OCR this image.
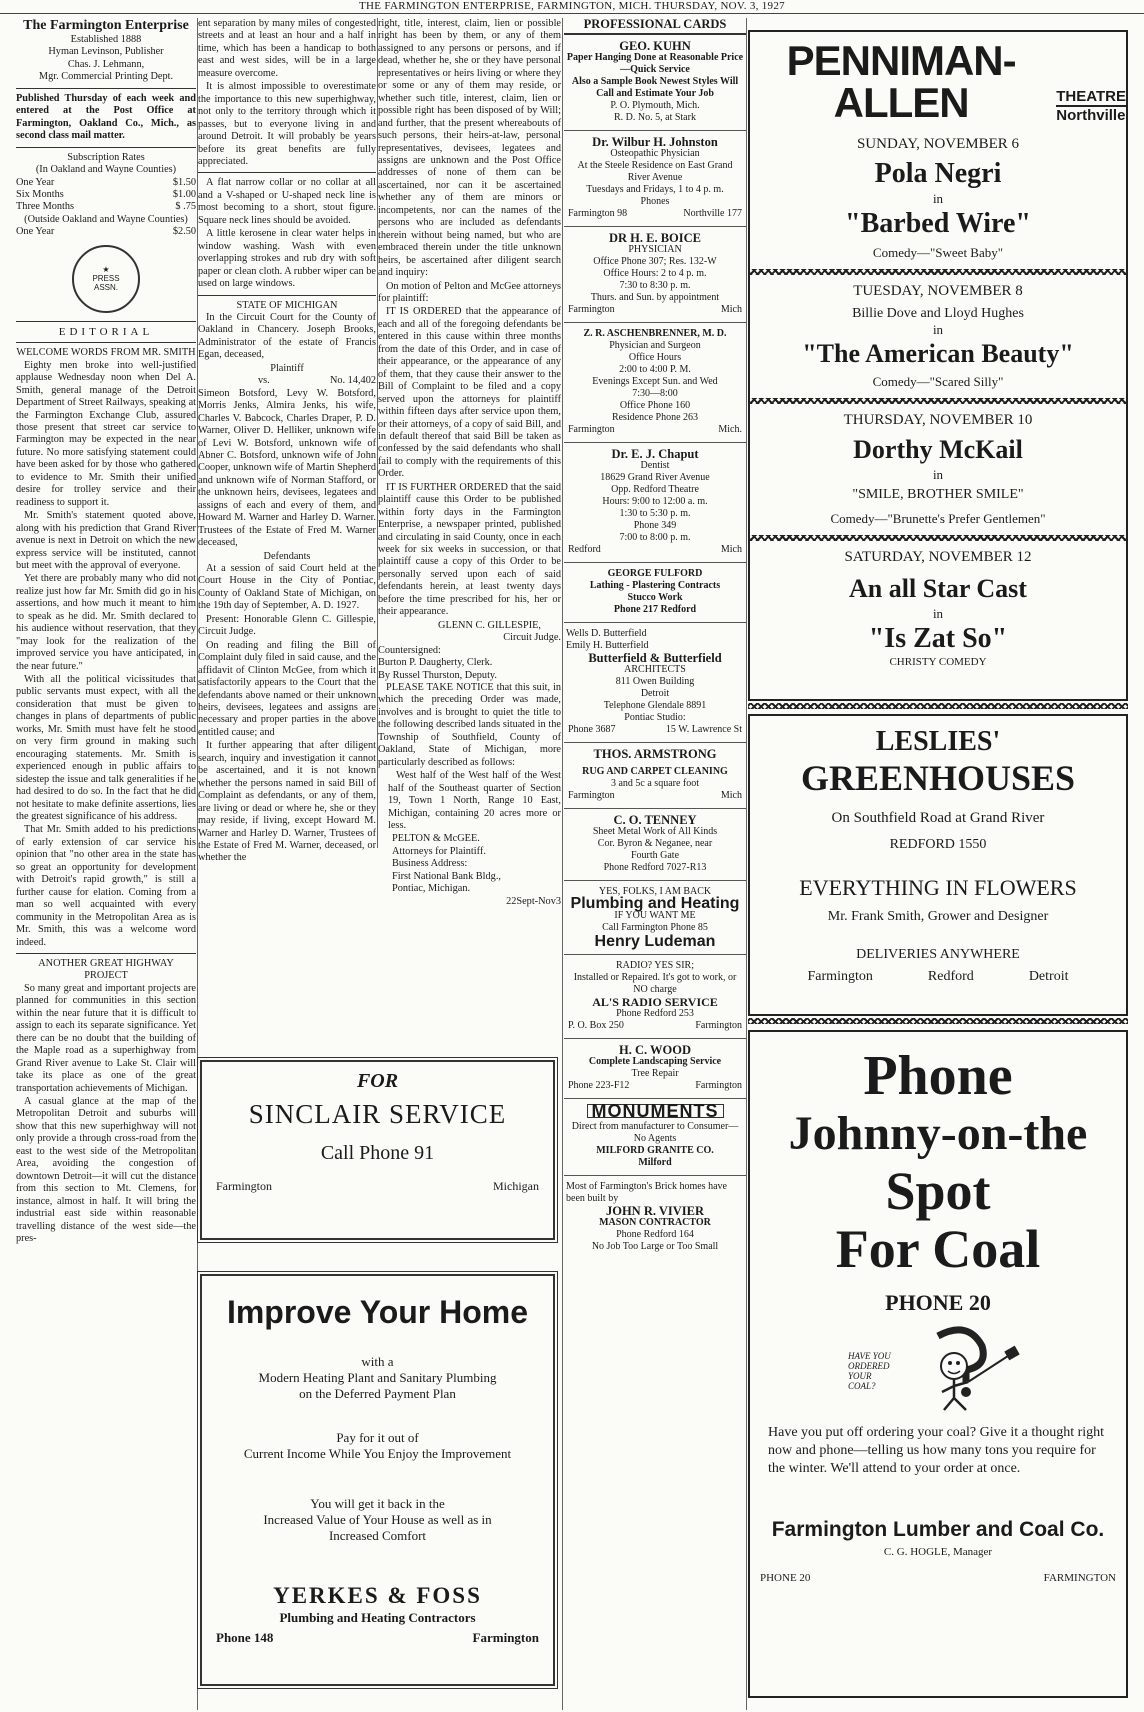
THE FARMINGTON ENTERPRISE, FARMINGTON, MICH. THURSDAY, NOV. 3, 1927
The Farmington Enterprise
Established 1888
Hyman Levinson, Publisher
Chas. J. Lehmann,
Mgr. Commercial Printing Dept.

Published Thursday of each week and entered at the Post Office at Farmington, Oakland Co., Mich., as second class mail matter.

Subscription Rates
(In Oakland and Wayne Counties)
One Year	$1.50
Six Months	$1.00
Three Months	$ .75
(Outside Oakland and Wayne Counties)
One Year	$2.50
★
PRESS
ASSN.
EDITORIAL
WELCOME WORDS FROM MR. SMITH

Eighty men broke into well-justified applause Wednesday noon when Del A. Smith, general manage of the Detroit Department of Street Railways, speaking at the Farmington Exchange Club, assured those present that street car service to Farmington may be expected in the near future. No more satisfying statement could have been asked for by those who gathered to evidence to Mr. Smith their unified desire for trolley service and their readiness to support it.

Mr. Smith's statement quoted above, along with his prediction that Grand River avenue is next in Detroit on which the new express service will be instituted, cannot but meet with the approval of everyone.

Yet there are probably many who did not realize just how far Mr. Smith did go in his assertions, and how much it meant to him to speak as he did. Mr. Smith declared to his audience without reservation, that they "may look for the realization of the improved service you have anticipated, in the near future."

With all the political vicissitudes that public servants must expect, with all the consideration that must be given to changes in plans of departments of public works, Mr. Smith must have felt he stood on very firm ground in making such encouraging statements. Mr. Smith is experienced enough in public affairs to sidestep the issue and talk generalities if he had desired to do so. In the fact that he did not hesitate to make definite assertions, lies the greatest significance of his address.

That Mr. Smith added to his predictions of early extension of car service his opinion that "no other area in the state has so great an opportunity for development with Detroit's rapid growth," is still a further cause for elation. Coming from a man so well acquainted with every community in the Metropolitan Area as is Mr. Smith, this was a welcome word indeed.

ANOTHER GREAT HIGHWAY PROJECT

So many great and important projects are planned for communities in this section within the near future that it is difficult to assign to each its separate significance. Yet there can be no doubt that the building of the Maple road as a superhighway from Grand River avenue to Lake St. Clair will take its place as one of the great transportation achievements of Michigan.

A casual glance at the map of the Metropolitan Detroit and suburbs will show that this new superhighway will not only provide a through cross-road from the east to the west side of the Metropolitan Area, avoiding the congestion of downtown Detroit—it will cut the distance from this section to Mt. Clemens, for instance, almost in half. It will bring the industrial east side within reasonable travelling distance of the west side—the pres-

ent separation by many miles of congested streets and at least an hour and a half in time, which has been a handicap to both east and west sides, will be in a large measure overcome.

It is almost impossible to overestimate the importance to this new superhighway, not only to the territory through which it passes, but to everyone living in and around Detroit. It will probably be years before its great benefits are fully appreciated.

A flat narrow collar or no collar at all and a V-shaped or U-shaped neck line is most becoming to a short, stout figure. Square neck lines should be avoided.

A little kerosene in clear water helps in window washing. Wash with even overlapping strokes and rub dry with soft paper or clean cloth. A rubber wiper can be used on large windows.

STATE OF MICHIGAN

In the Circuit Court for the County of Oakland in Chancery. Joseph Brooks, Administrator of the estate of Francis Egan, deceased,

Plaintiff
vs.	No. 14,402

Simeon Botsford, Levy W. Botsford, Morris Jenks, Almira Jenks, his wife, Charles V. Babcock, Charles Draper, P. D. Warner, Oliver D. Helliker, unknown wife of Levi W. Botsford, unknown wife of Abner C. Botsford, unknown wife of John Cooper, unknown wife of Martin Shepherd and unknown wife of Norman Stafford, or the unknown heirs, devisees, legatees and assigns of each and every of them, and Howard M. Warner and Harley D. Warner. Trustees of the Estate of Fred M. Warner deceased,

Defendants

At a session of said Court held at the Court House in the City of Pontiac, County of Oakland State of Michigan, on the 19th day of September, A. D. 1927.

Present: Honorable Glenn C. Gillespie, Circuit Judge.

On reading and filing the Bill of Complaint duly filed in said cause, and the affidavit of Clinton McGee, from which it satisfactorily appears to the Court that the defendants above named or their unknown heirs, devisees, legatees and assigns are necessary and proper parties in the above entitled cause; and

It further appearing that after diligent search, inquiry and investigation it cannot be ascertained, and it is not known whether the persons named in said Bill of Complaint as defendants, or any of them, are living or dead or where he, she or they may reside, if living, except Howard M. Warner and Harley D. Warner, Trustees of the Estate of Fred M. Warner, deceased, or whether the

right, title, interest, claim, lien or possible right has been by them, or any of them assigned to any persons or persons, and if dead, whether he, she or they have personal representatives or heirs living or where they or some or any of them may reside, or whether such title, interest, claim, lien or possible right has been disposed of by Will; and further, that the present whereabouts of such persons, their heirs-at-law, personal representatives, devisees, legatees and assigns are unknown and the Post Office addresses of none of them can be ascertained, nor can it be ascertained whether any of them are minors or incompetents, nor can the names of the persons who are included as defendants therein without being named, but who are embraced therein under the title unknown heirs, be ascertained after diligent search and inquiry:

On motion of Pelton and McGee attorneys for plaintiff:

IT IS ORDERED that the appearance of each and all of the foregoing defendants be entered in this cause within three months from the date of this Order, and in case of their appearance, or the appearance of any of them, that they cause their answer to the Bill of Complaint to be filed and a copy served upon the attorneys for plaintiff within fifteen days after service upon them, or their attorneys, of a copy of said Bill, and in default thereof that said Bill be taken as confessed by the said defendants who shall fail to comply with the requirements of this Order.

IT IS FURTHER ORDERED that the said plaintiff cause this Order to be published within forty days in the Farmington Enterprise, a newspaper printed, published and circulating in said County, once in each week for six weeks in succession, or that plaintiff cause a copy of this Order to be personally served upon each of said defendants herein, at least twenty days before the time prescribed for his, her or their appearance.

GLENN C. GILLESPIE,
Circuit Judge.
Countersigned:
Burton P. Daugherty, Clerk.
By Russel Thurston, Deputy.

PLEASE TAKE NOTICE that this suit, in which the preceding Order was made, involves and is brought to quiet the title to the following described lands situated in the Township of Southfield, County of Oakland, State of Michigan, more particularly described as follows:

West half of the West half of the West half of the Southeast quarter of Section 19, Town 1 North, Range 10 East, Michigan, containing 20 acres more or less.

PELTON & McGEE.
Attorneys for Plaintiff.
Business Address:
First National Bank Bldg.,
Pontiac, Michigan.
22Sept-Nov3
FOR
SINCLAIR SERVICE
Call Phone 91
Farmington	Michigan
Improve Your Home
with a
Modern Heating Plant and Sanitary Plumbing
on the Deferred Payment Plan
Pay for it out of
Current Income While You Enjoy the Improvement
You will get it back in the
Increased Value of Your House as well as in
Increased Comfort
YERKES & FOSS
Plumbing and Heating Contractors
Phone 148	Farmington
PROFESSIONAL CARDS
GEO. KUHN
Paper Hanging Done at Reasonable Price—Quick Service
Also a Sample Book Newest Styles Will Call and Estimate Your Job
P. O. Plymouth, Mich.
R. D. No. 5, at Stark
Dr. Wilbur H. Johnston
Osteopathic Physician
At the Steele Residence on East Grand River Avenue
Tuesdays and Fridays, 1 to 4 p. m.
Phones
Farmington 98	Northville 177
DR H. E. BOICE
PHYSICIAN
Office Phone 307; Res. 132-W
Office Hours: 2 to 4 p. m.
7:30 to 8:30 p. m.
Thurs. and Sun. by appointment
Farmington	Mich
Z. R. ASCHENBRENNER, M. D.
Physician and Surgeon
Office Hours
2:00 to 4:00 P. M.
Evenings Except Sun. and Wed
7:30—8:00
Office Phone 160
Residence Phone 263
Farmington	Mich.
Dr. E. J. Chaput
Dentist
18629 Grand River Avenue
Opp. Redford Theatre
Hours: 9:00 to 12:00 a. m.
1:30 to 5:30 p. m.
Phone 349
7:00 to 8:00 p. m.
Redford	Mich
GEORGE FULFORD
Lathing - Plastering Contracts
Stucco Work
Phone 217 Redford
Wells D. Butterfield
Emily H. Butterfield
Butterfield & Butterfield
ARCHITECTS
811 Owen Building
Detroit
Telephone Glendale 8891
Pontiac Studio:
Phone 3687	15 W. Lawrence St
THOS. ARMSTRONG
RUG AND CARPET CLEANING
3 and 5c a square foot
Farmington	Mich
C. O. TENNEY
Sheet Metal Work of All Kinds
Cor. Byron & Neganee, near
Fourth Gate
Phone Redford 7027-R13
YES, FOLKS, I AM BACK
Plumbing and Heating
IF YOU WANT ME
Call Farmington Phone 85
Henry Ludeman
RADIO? YES SIR;
Installed or Repaired. It's got to work, or NO charge
AL'S RADIO SERVICE
Phone Redford 253
P. O. Box 250	Farmington
H. C. WOOD
Complete Landscaping Service
Tree Repair
Phone 223-F12	Farmington
MONUMENTS
Direct from manufacturer to Consumer—No Agents
MILFORD GRANITE CO.
Milford
Most of Farmington's Brick homes have been built by
JOHN R. VIVIER
MASON CONTRACTOR
Phone Redford 164
No Job Too Large or Too Small
PENNIMAN-ALLEN	THEATRE
Northville
SUNDAY, NOVEMBER 6
Pola Negri
in
"Barbed Wire"
Comedy—"Sweet Baby"
TUESDAY, NOVEMBER 8
Billie Dove and Lloyd Hughes
in
"The American Beauty"
Comedy—"Scared Silly"
THURSDAY, NOVEMBER 10
Dorthy McKail
in
"SMILE, BROTHER SMILE"
Comedy—"Brunette's Prefer Gentlemen"
SATURDAY, NOVEMBER 12
An all Star Cast
in
"Is Zat So"
CHRISTY COMEDY
LESLIES'
GREENHOUSES
On Southfield Road at Grand River
REDFORD 1550
EVERYTHING IN FLOWERS
Mr. Frank Smith, Grower and Designer
DELIVERIES ANYWHERE
Farmington	Redford	Detroit
Phone
Johnny-on-the
Spot
For Coal
PHONE 20
HAVE YOU ORDERED YOUR COAL?

Have you put off ordering your coal? Give it a thought right now and phone—telling us how many tons you require for the winter. We'll attend to your order at once.

Farmington Lumber and Coal Co.
C. G. HOGLE, Manager
PHONE 20	FARMINGTON
